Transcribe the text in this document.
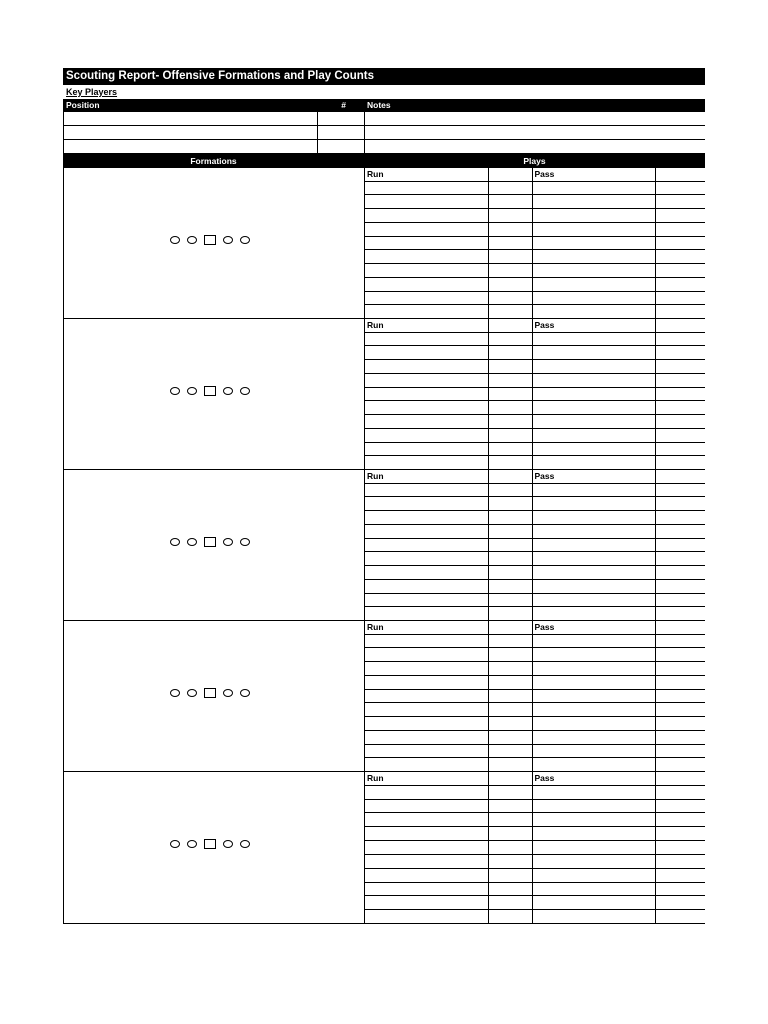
Scouting Report- Offensive Formations and Play Counts
Key Players
Position	#	Notes
Formations	Plays
Run	Pass
Run	Pass
Run	Pass
Run	Pass
Run	Pass
